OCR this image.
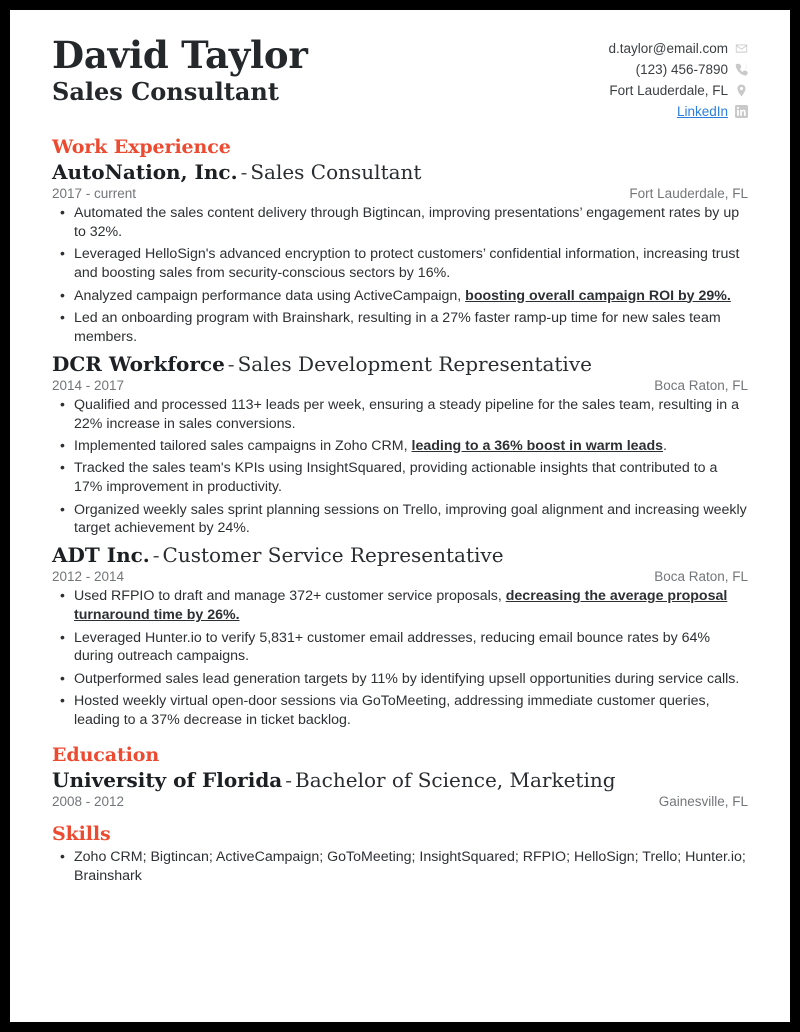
David Taylor
Sales Consultant
d.taylor@email.com
(123) 456-7890
Fort Lauderdale, FL
LinkedIn
Work Experience
AutoNation, Inc. - Sales Consultant
2017 - current	Fort Lauderdale, FL
• Automated the sales content delivery through Bigtincan, improving presentations’ engagement rates by up to 32%.
• Leveraged HelloSign's advanced encryption to protect customers’ confidential information, increasing trust and boosting sales from security-conscious sectors by 16%.
• Analyzed campaign performance data using ActiveCampaign, boosting overall campaign ROI by 29%.
• Led an onboarding program with Brainshark, resulting in a 27% faster ramp-up time for new sales team members.
DCR Workforce - Sales Development Representative
2014 - 2017	Boca Raton, FL
• Qualified and processed 113+ leads per week, ensuring a steady pipeline for the sales team, resulting in a 22% increase in sales conversions.
• Implemented tailored sales campaigns in Zoho CRM, leading to a 36% boost in warm leads.
• Tracked the sales team's KPIs using InsightSquared, providing actionable insights that contributed to a 17% improvement in productivity.
• Organized weekly sales sprint planning sessions on Trello, improving goal alignment and increasing weekly target achievement by 24%.
ADT Inc. - Customer Service Representative
2012 - 2014	Boca Raton, FL
• Used RFPIO to draft and manage 372+ customer service proposals, decreasing the average proposal turnaround time by 26%.
• Leveraged Hunter.io to verify 5,831+ customer email addresses, reducing email bounce rates by 64% during outreach campaigns.
• Outperformed sales lead generation targets by 11% by identifying upsell opportunities during service calls.
• Hosted weekly virtual open-door sessions via GoToMeeting, addressing immediate customer queries, leading to a 37% decrease in ticket backlog.
Education
University of Florida - Bachelor of Science, Marketing
2008 - 2012	Gainesville, FL
Skills
• Zoho CRM; Bigtincan; ActiveCampaign; GoToMeeting; InsightSquared; RFPIO; HelloSign; Trello; Hunter.io; Brainshark
